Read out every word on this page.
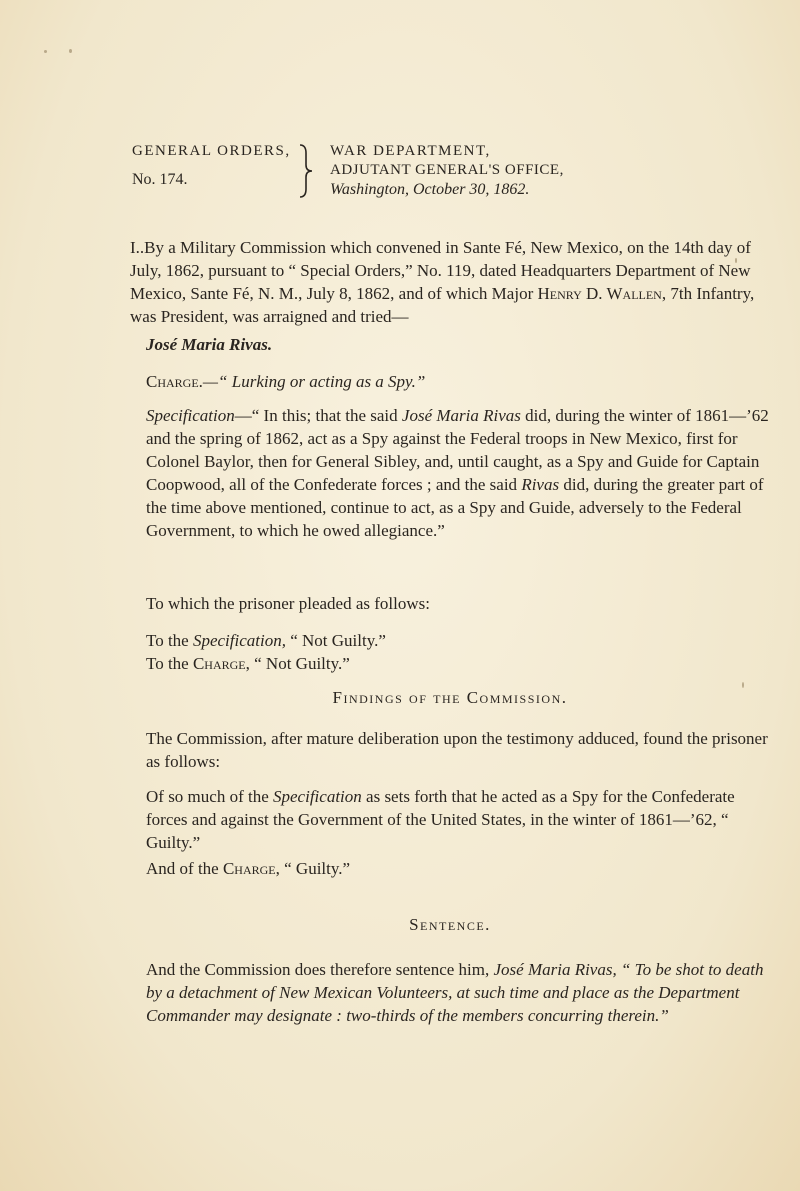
GENERAL ORDERS,
No. 174.
WAR DEPARTMENT,
ADJUTANT GENERAL'S OFFICE,
Washington, October 30, 1862.
I..By a Military Commission which convened in Sante Fé, New Mexico, on the 14th day of July, 1862, pursuant to “ Special Orders,” No. 119, dated Headquarters Department of New Mexico, Sante Fé, N. M., July 8, 1862, and of which Major Henry D. Wallen, 7th Infantry, was President, was arraigned and tried—
José Maria Rivas.
Charge.—“ Lurking or acting as a Spy.”
Specification—“ In this; that the said José Maria Rivas did, during the winter of 1861—’62 and the spring of 1862, act as a Spy against the Federal troops in New Mexico, first for Colonel Baylor, then for General Sibley, and, until caught, as a Spy and Guide for Captain Coopwood, all of the Confederate forces ; and the said Rivas did, during the greater part of the time above mentioned, continue to act, as a Spy and Guide, adversely to the Federal Government, to which he owed allegiance.”
To which the prisoner pleaded as follows:
To the Specification, “ Not Guilty.”
To the Charge, “ Not Guilty.”
Findings of the Commission.
The Commission, after mature deliberation upon the testimony adduced, found the prisoner as follows:
Of so much of the Specification as sets forth that he acted as a Spy for the Confederate forces and against the Government of the United States, in the winter of 1861—’62, “ Guilty.”
And of the Charge, “ Guilty.”
Sentence.
And the Commission does therefore sentence him, José Maria Rivas, “ To be shot to death by a detachment of New Mexican Volunteers, at such time and place as the Department Commander may designate : two-thirds of the members concurring therein.”
